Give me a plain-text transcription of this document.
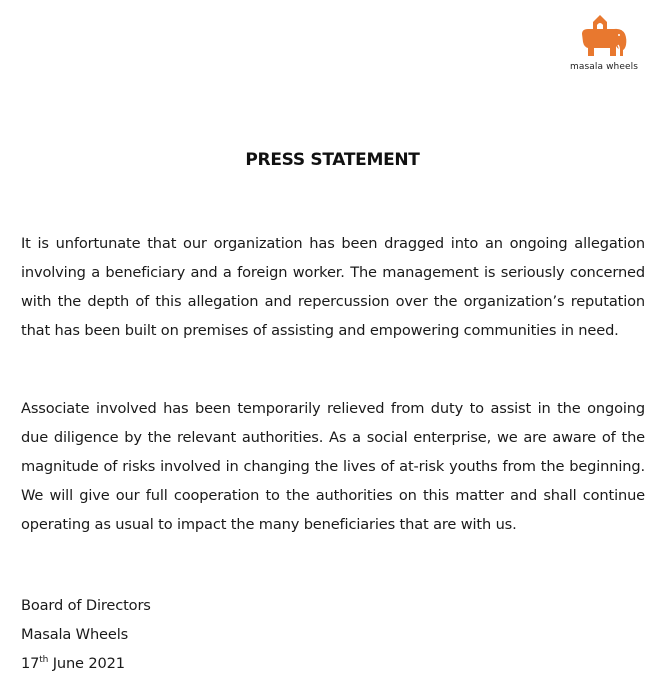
masala wheels
PRESS STATEMENT

It is unfortunate that our organization has been dragged into an ongoing allegation involving a beneficiary and a foreign worker. The management is seriously concerned with the depth of this allegation and repercussion over the organization’s reputation that has been built on premises of assisting and empowering communities in need.

Associate involved has been temporarily relieved from duty to assist in the ongoing due diligence by the relevant authorities. As a social enterprise, we are aware of the magnitude of risks involved in changing the lives of at-risk youths from the beginning. We will give our full cooperation to the authorities on this matter and shall continue operating as usual to impact the many beneficiaries that are with us.

Board of Directors
Masala Wheels
17th June 2021
